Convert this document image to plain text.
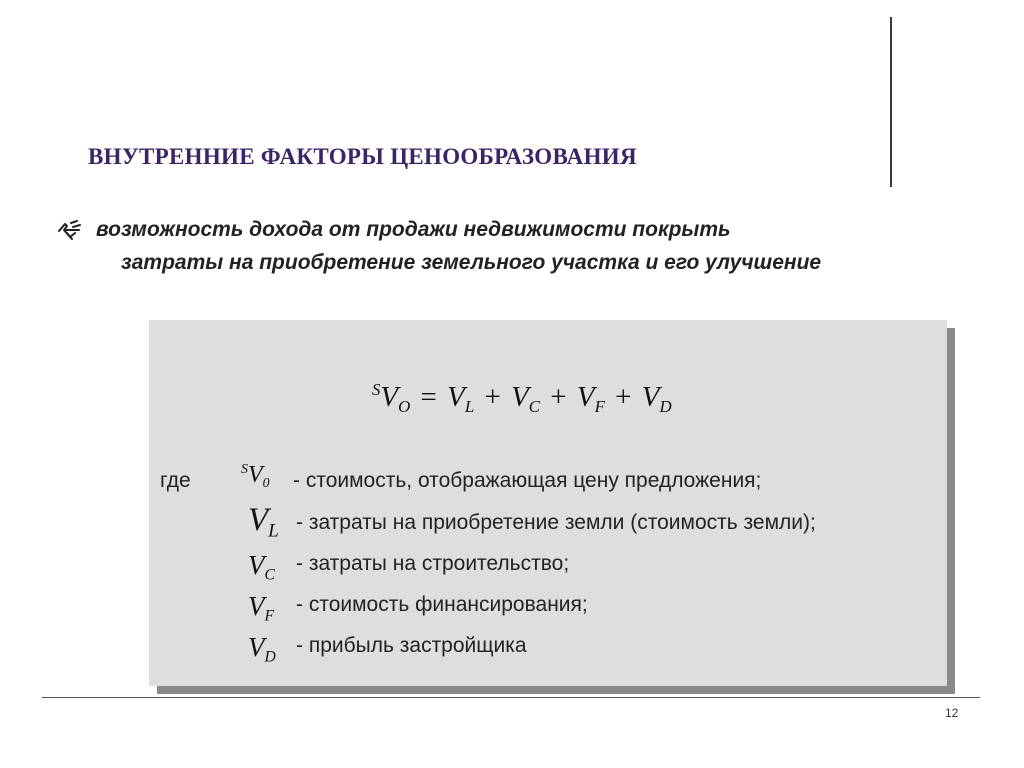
ВНУТРЕННИЕ ФАКТОРЫ ЦЕНООБРАЗОВАНИЯ
возможность дохода от продажи недвижимости покрыть
затраты на приобретение земельного участка и его улучшение
$^SV_O = V_L + V_C + V_F + V_D$
где	$^SV_0$ - стоимость, отображающая цену предложения;
$V_L$ - затраты на приобретение земли (стоимость земли);
$V_C$ - затраты на строительство;
$V_F$ - стоимость финансирования;
$V_D$ - прибыль застройщика
12
